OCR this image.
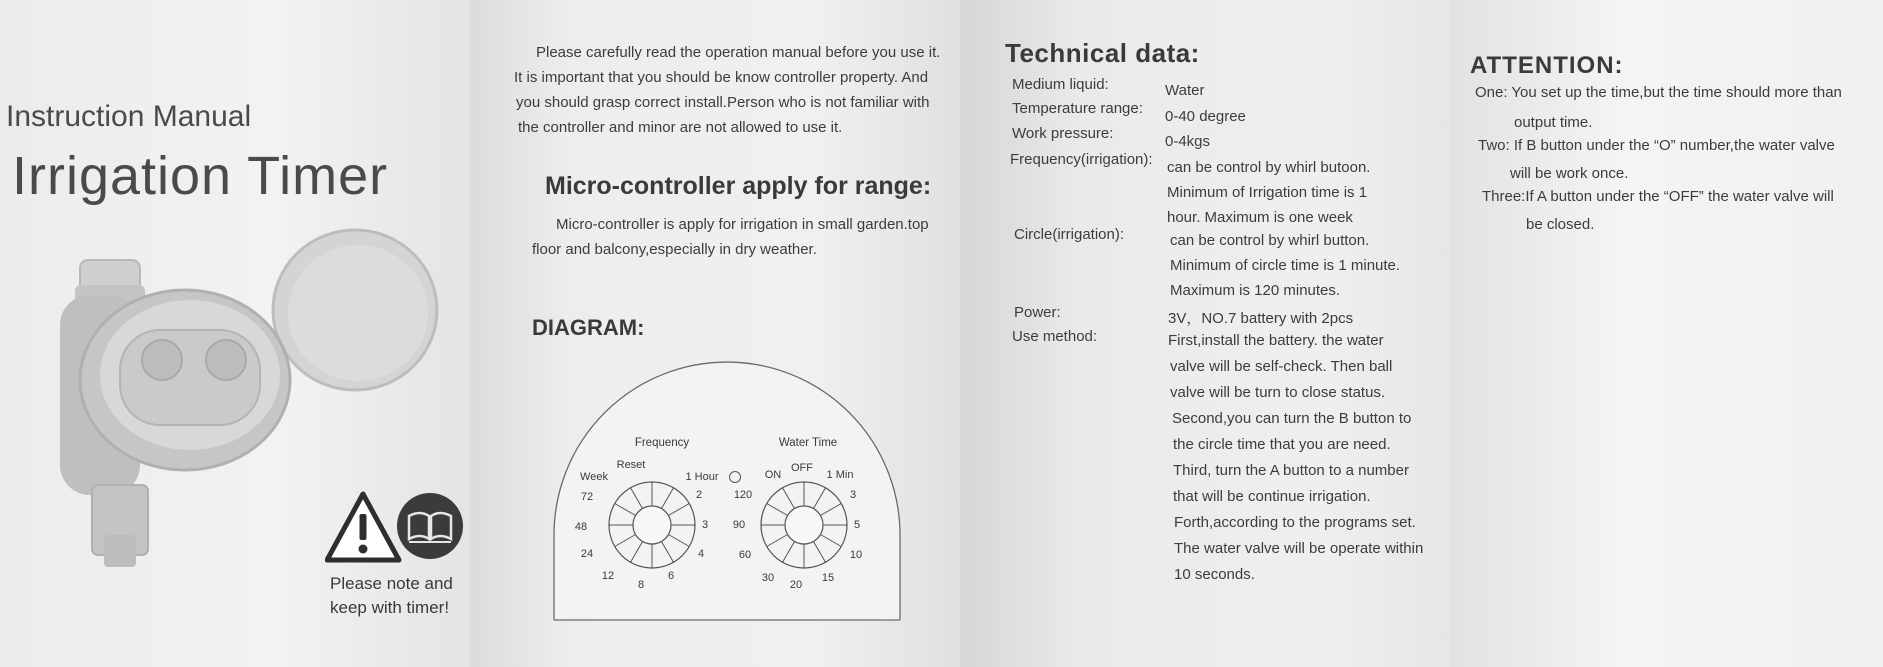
Instruction Manual
Irrigation Timer
Please note and
keep with timer!
Please carefully read the operation manual before you use it.
It is important that you should be know controller property. And
you should grasp correct install.Person who is not familiar with
the controller and minor are not allowed to use it.
Micro-controller apply for range:
Micro-controller is apply for irrigation in small garden.top
floor and balcony,especially in dry weather.
DIAGRAM:
Frequency
Reset
Week	1 Hour
72
48
24
12
8
6
4
3
2
Water Time
ON
OFF
1 Min
120
90
60
30
20
15
10
5
3
Technical data:
Medium liquid:	Water
Temperature range: 0-40 degree
Work pressure:	0-4kgs
Frequency(irrigation): can be control by whirl butoon.
Minimum of Irrigation time is 1
hour. Maximum is one week
Circle(irrigation):	can be control by whirl button.
Minimum of circle time is 1 minute.
Maximum is 120 minutes.
Power:	3V，NO.7 battery with 2pcs
Use method:	First,install the battery. the water
valve will be self-check. Then ball
valve will be turn to close status.
Second,you can turn the B button to
the circle time that you are need.
Third, turn the A button to a number
that will be continue irrigation.
Forth,according to the programs set.
The water valve will be operate within
10 seconds.
ATTENTION:
One: You set up the time,but the time should more than
output time.
Two: If B button under the “O” number,the water valve
will be work once.
Three:If A button under the “OFF” the water valve will
be closed.
